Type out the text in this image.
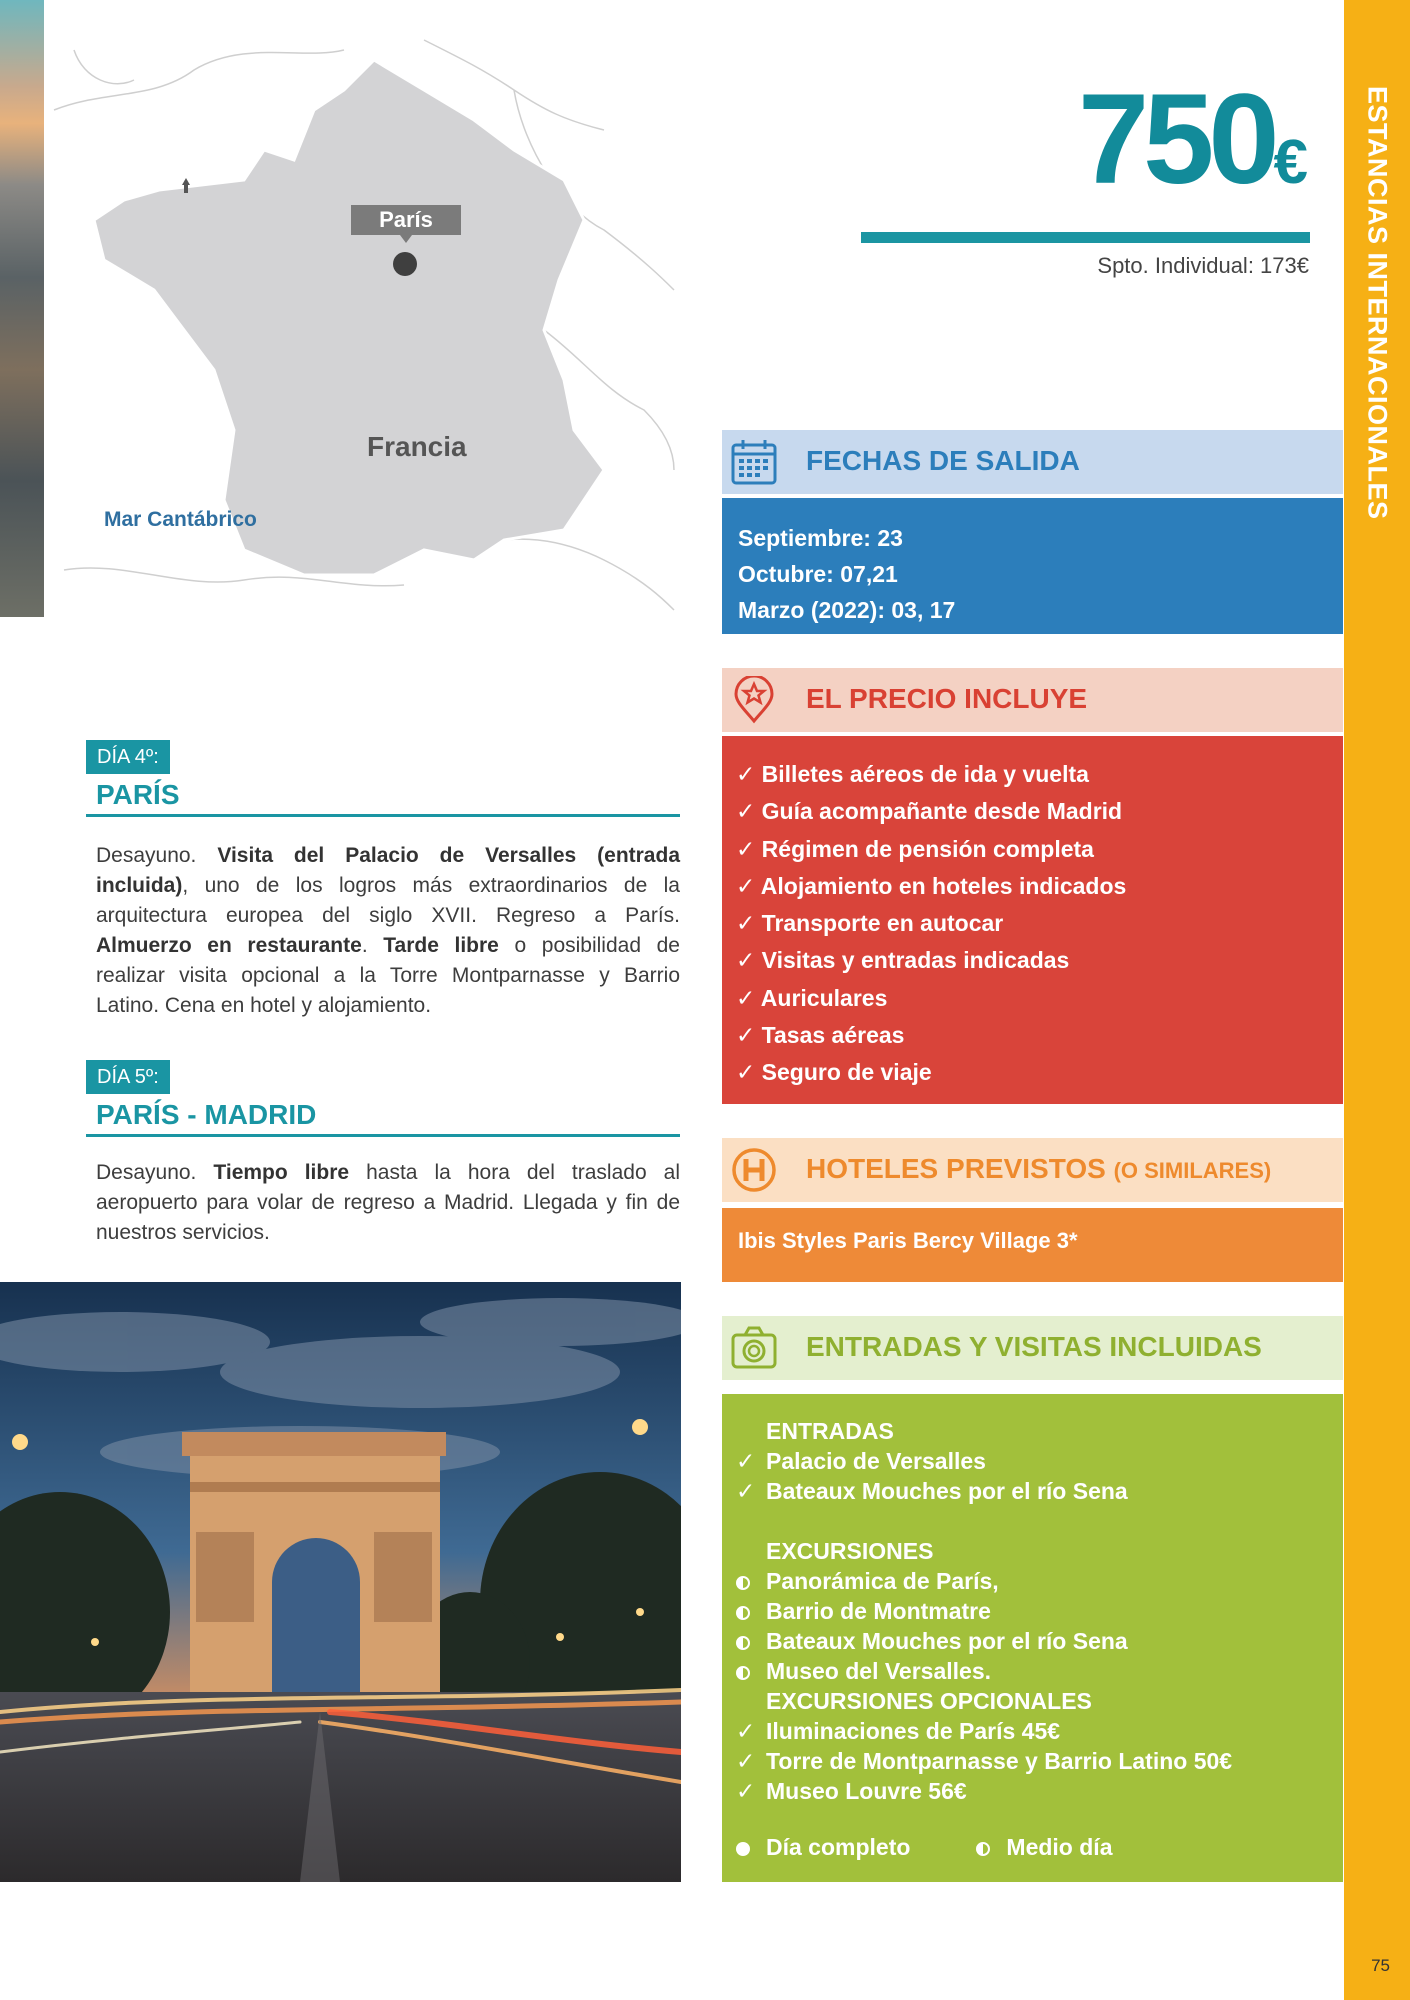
ESTANCIAS INTERNACIONALES
75
París
Francia
Mar Cantábrico
750€
Spto. Individual: 173€
FECHAS DE SALIDA
Septiembre: 23
Octubre: 07,21
Marzo (2022): 03, 17
EL PRECIO INCLUYE
✓ Billetes aéreos de ida y vuelta
✓ Guía acompañante desde Madrid
✓ Régimen de pensión completa
✓ Alojamiento en hoteles indicados
✓ Transporte en autocar
✓ Visitas y entradas indicadas
✓ Auriculares
✓ Tasas aéreas
✓ Seguro de viaje
HOTELES PREVISTOS (O SIMILARES)
Ibis Styles Paris Bercy Village 3*
ENTRADAS Y VISITAS INCLUIDAS
ENTRADAS
✓ Palacio de Versalles
✓ Bateaux Mouches por el río Sena
EXCURSIONES
Panorámica de París,
Barrio de Montmatre
Bateaux Mouches por el río Sena
Museo del Versalles.
EXCURSIONES OPCIONALES
✓ Iluminaciones de París 45€
✓ Torre de Montparnasse y Barrio Latino 50€
✓ Museo Louvre 56€
Día completo	Medio día
DÍA 4º:
PARÍS
Desayuno. Visita del Palacio de Versalles (entrada incluida), uno de los logros más extraordinarios de la arquitectura europea del siglo XVII. Regreso a París. Almuerzo en restaurante. Tarde libre o posibilidad de realizar visita opcional a la Torre Montparnasse y Barrio Latino. Cena en hotel y alojamiento.
DÍA 5º:
PARÍS - MADRID
Desayuno. Tiempo libre hasta la hora del traslado al aeropuerto para volar de regreso a Madrid. Llegada y fin de nuestros servicios.
